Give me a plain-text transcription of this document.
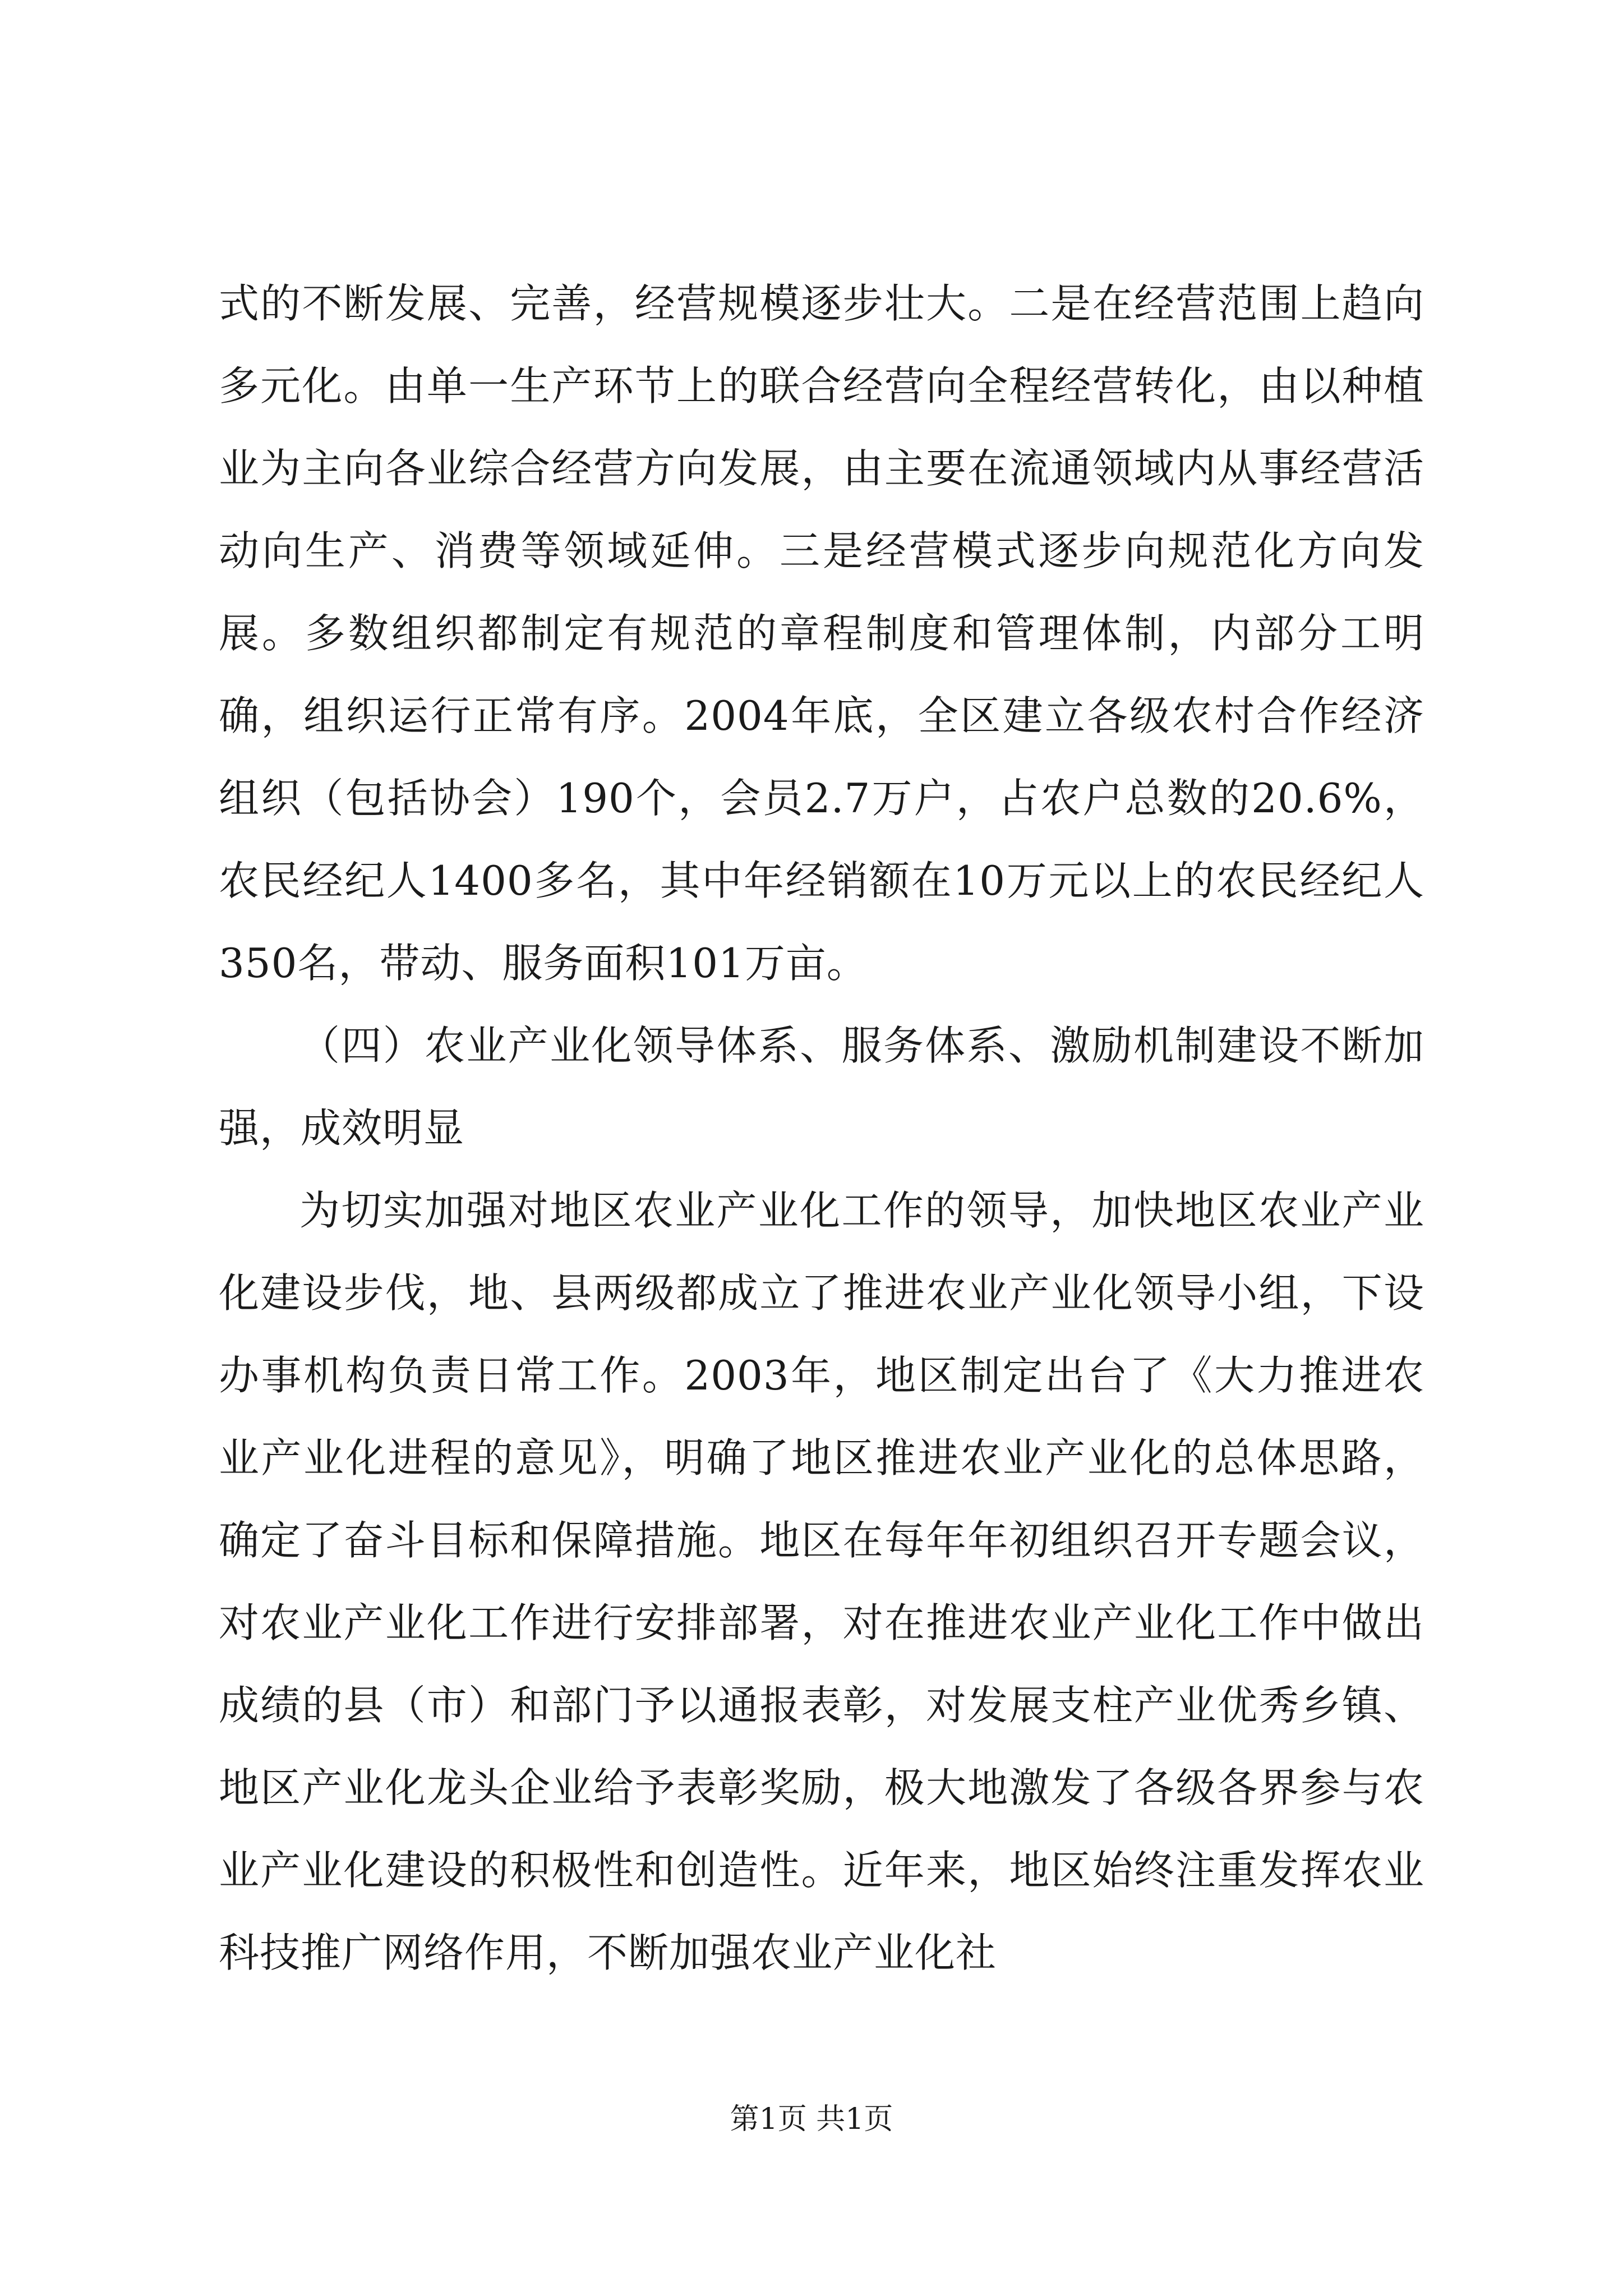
式的不断发展、完善，经营规模逐步壮大。二是在经营范围上趋向多元化。由单一生产环节上的联合经营向全程经营转化，由以种植业为主向各业综合经营方向发展，由主要在流通领域内从事经营活动向生产、消费等领域延伸。三是经营模式逐步向规范化方向发展。多数组织都制定有规范的章程制度和管理体制，内部分工明确，组织运行正常有序。2004年底，全区建立各级农村合作经济组织（包括协会）190个，会员2.7万户，占农户总数的20.6%，农民经纪人1400多名，其中年经销额在10万元以上的农民经纪人350名，带动、服务面积101万亩。

（四）农业产业化领导体系、服务体系、激励机制建设不断加强，成效明显

为切实加强对地区农业产业化工作的领导，加快地区农业产业化建设步伐，地、县两级都成立了推进农业产业化领导小组，下设办事机构负责日常工作。2003年，地区制定出台了《大力推进农业产业化进程的意见》，明确了地区推进农业产业化的总体思路，确定了奋斗目标和保障措施。地区在每年年初组织召开专题会议，对农业产业化工作进行安排部署，对在推进农业产业化工作中做出成绩的县（市）和部门予以通报表彰，对发展支柱产业优秀乡镇、地区产业化龙头企业给予表彰奖励，极大地激发了各级各界参与农业产业化建设的积极性和创造性。近年来，地区始终注重发挥农业科技推广网络作用，不断加强农业产业化社

第1页 共1页
